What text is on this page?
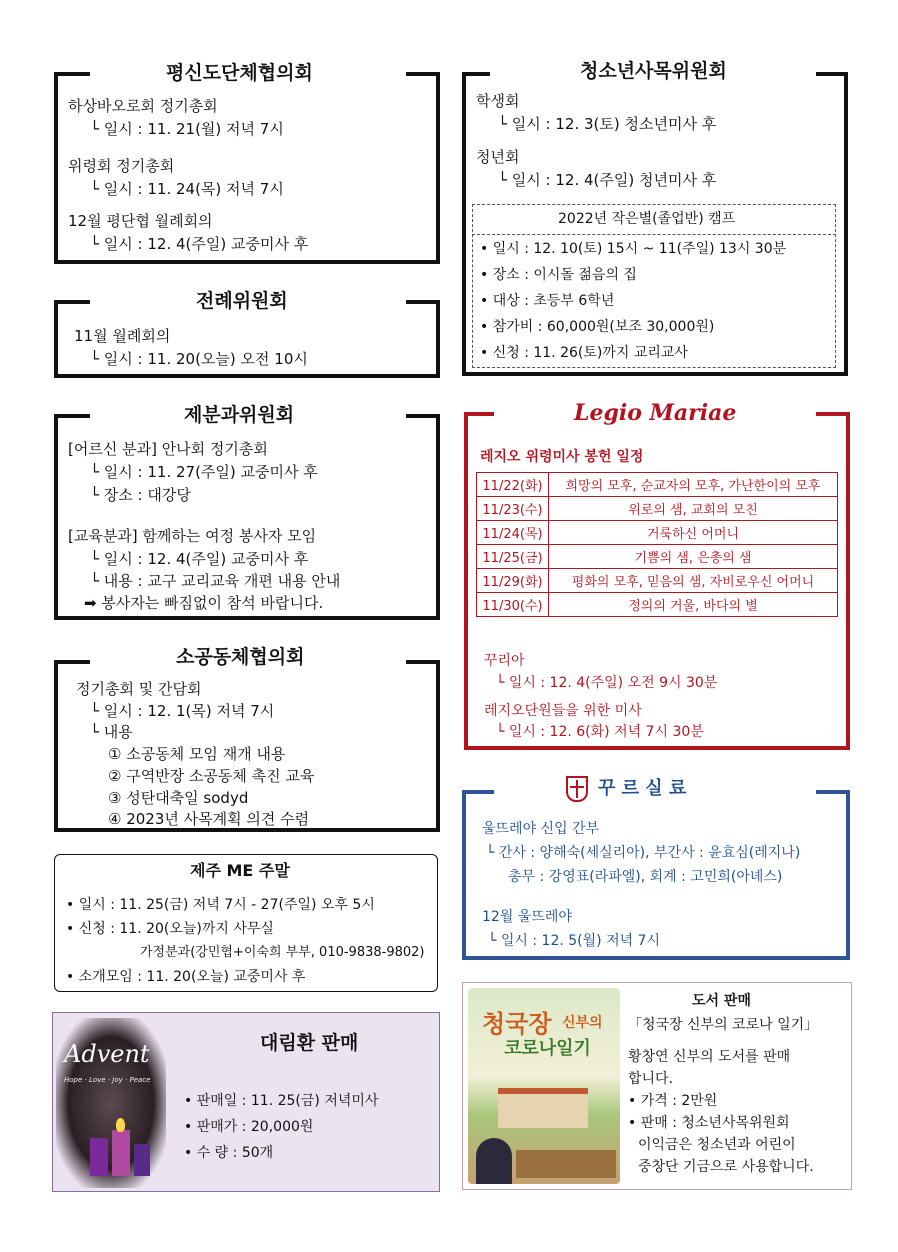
평신도단체협의회
하상바오로회 정기총회
└ 일시 : 11. 21(월) 저녁 7시
위령회 정기총회
└ 일시 : 11. 24(목) 저녁 7시
12월 평단협 월례회의
└ 일시 : 12. 4(주일) 교중미사 후
전례위원회
11월 월례회의
└ 일시 : 11. 20(오늘) 오전 10시
제분과위원회
[어르신 분과] 안나회 정기총회
└ 일시 : 11. 27(주일) 교중미사 후
└ 장소 : 대강당
[교육분과] 함께하는 여정 봉사자 모임
└ 일시 : 12. 4(주일) 교중미사 후
└ 내용 : 교구 교리교육 개편 내용 안내
➡ 봉사자는 빠짐없이 참석 바랍니다.
소공동체협의회
정기총회 및 간담회
└ 일시 : 12. 1(목) 저녁 7시
└ 내용
① 소공동체 모임 재개 내용
② 구역반장 소공동체 촉진 교육
③ 성탄대축일 sodyd
④ 2023년 사목계획 의견 수렴
제주 ME 주말
• 일시 : 11. 25(금) 저녁 7시 - 27(주일) 오후 5시
• 신청 : 11. 20(오늘)까지 사무실
가정분과(강민협+이숙희 부부, 010-9838-9802)
• 소개모임 : 11. 20(오늘) 교중미사 후
Advent
Hope · Love · Joy · Peace
대림환 판매
• 판매일 : 11. 25(금) 저녁미사
• 판매가 : 20,000원
• 수 량 : 50개
청소년사목위원회
학생회
└ 일시 : 12. 3(토) 청소년미사 후
청년회
└ 일시 : 12. 4(주일) 청년미사 후
2022년 작은별(졸업반) 캠프
• 일시 : 12. 10(토) 15시 ~ 11(주일) 13시 30분
• 장소 : 이시돌 젊음의 집
• 대상 : 초등부 6학년
• 참가비 : 60,000원(보조 30,000원)
• 신청 : 11. 26(토)까지 교리교사
Legio Mariae
레지오 위령미사 봉헌 일정
11/22(화)	희망의 모후, 순교자의 모후, 가난한이의 모후
11/23(수)	위로의 샘, 교회의 모친
11/24(목)	거룩하신 어머니
11/25(금)	기쁨의 샘, 은총의 샘
11/29(화)	평화의 모후, 믿음의 샘, 자비로우신 어머니
11/30(수)	정의의 거울, 바다의 별
꾸리아
└ 일시 : 12. 4(주일) 오전 9시 30분
레지오단원들을 위한 미사
└ 일시 : 12. 6(화) 저녁 7시 30분
꾸 르 실 료
울뜨레야 신입 간부
└ 간사 : 양해숙(세실리아), 부간사 : 윤효심(레지나)
총무 : 강영표(라파엘), 회계 : 고민희(아녜스)
12월 울뜨레야
└ 일시 : 12. 5(월) 저녁 7시
청국장 신부의
코로나일기
도서 판매
「청국장 신부의 코로나 일기」
황창연 신부의 도서를 판매
합니다.
• 가격 : 2만원
• 판매 : 청소년사목위원회
이익금은 청소년과 어린이
중창단 기금으로 사용합니다.
